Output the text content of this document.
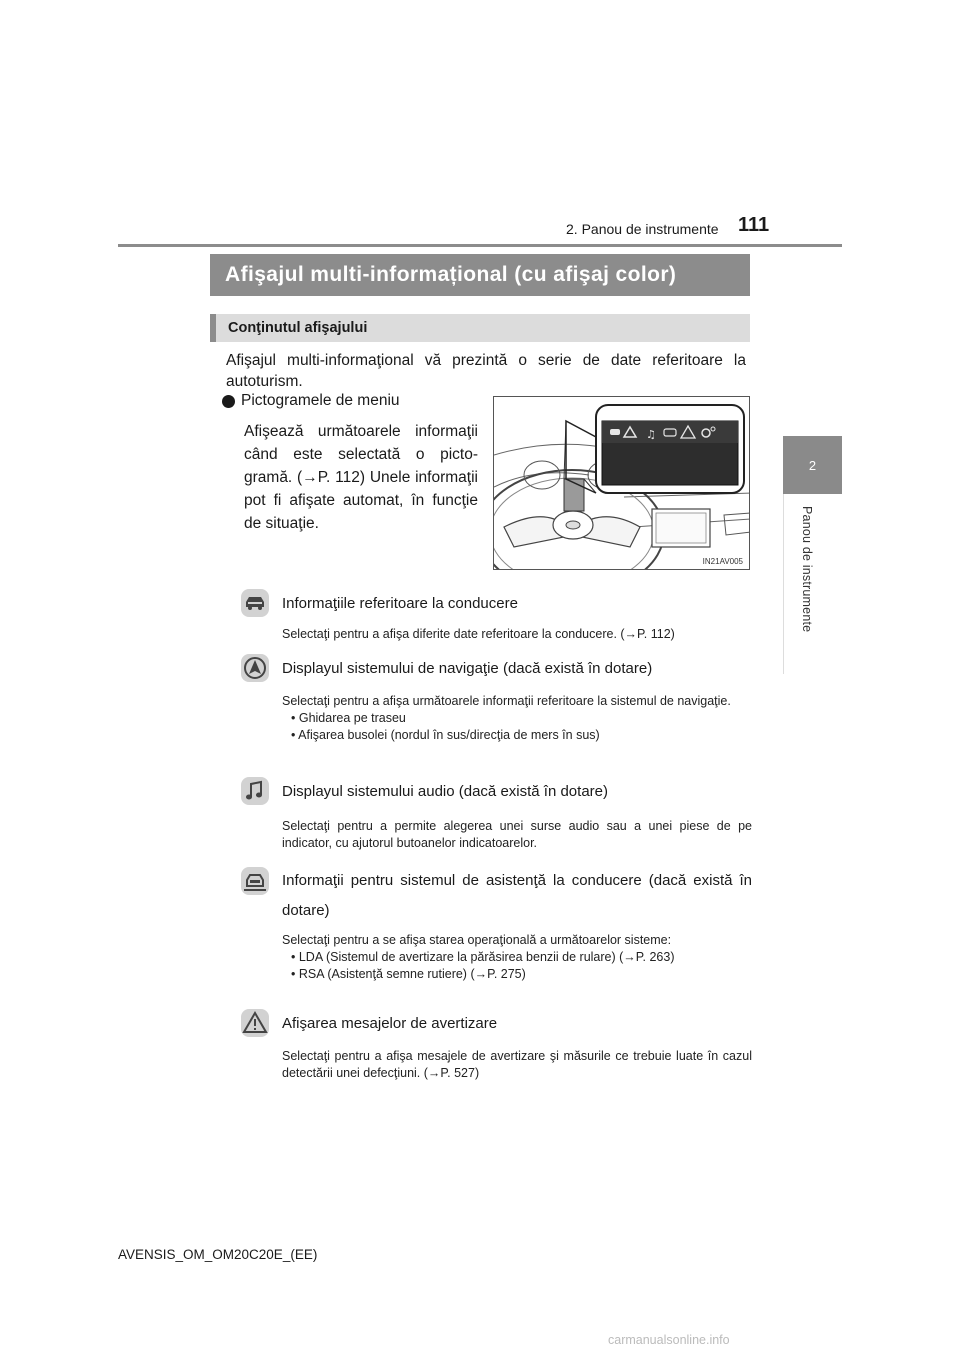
2. Panou de instrumente 111
2
Panou de instrumente
Afişajul multi-informațional (cu afişaj color)
Conţinutul afişajului
Afişajul multi-informaţional vă prezintă o serie de date referitoare la autoturism.
Pictogramele de meniu
Afişează următoarele informaţii când este selectată o picto-gramă. (→P. 112) Unele informaţii pot fi afişate automat, în funcţie de situaţie.
♫
IN21AV005
Informaţiile referitoare la conducere
Selectaţi pentru a afişa diferite date referitoare la conducere. (→P. 112)
Displayul sistemului de navigaţie (dacă există în dotare)
Selectaţi pentru a afişa următoarele informaţii referitoare la sistemul de navigaţie.
• Ghidarea pe traseu
• Afişarea busolei (nordul în sus/direcţia de mers în sus)
Displayul sistemului audio (dacă există în dotare)
Selectaţi pentru a permite alegerea unei surse audio sau a unei piese de pe indicator, cu ajutorul butoanelor indicatoarelor.
Informaţii pentru sistemul de asistenţă la conducere (dacă există în dotare)
Selectaţi pentru a se afişa starea operaţională a următoarelor sisteme:
• LDA (Sistemul de avertizare la părăsirea benzii de rulare) (→P. 263)
• RSA (Asistenţă semne rutiere) (→P. 275)
Afişarea mesajelor de avertizare
Selectaţi pentru a afişa mesajele de avertizare şi măsurile ce trebuie luate în cazul detectării unei defecţiuni. (→P. 527)
AVENSIS_OM_OM20C20E_(EE)
carmanualsonline.info
